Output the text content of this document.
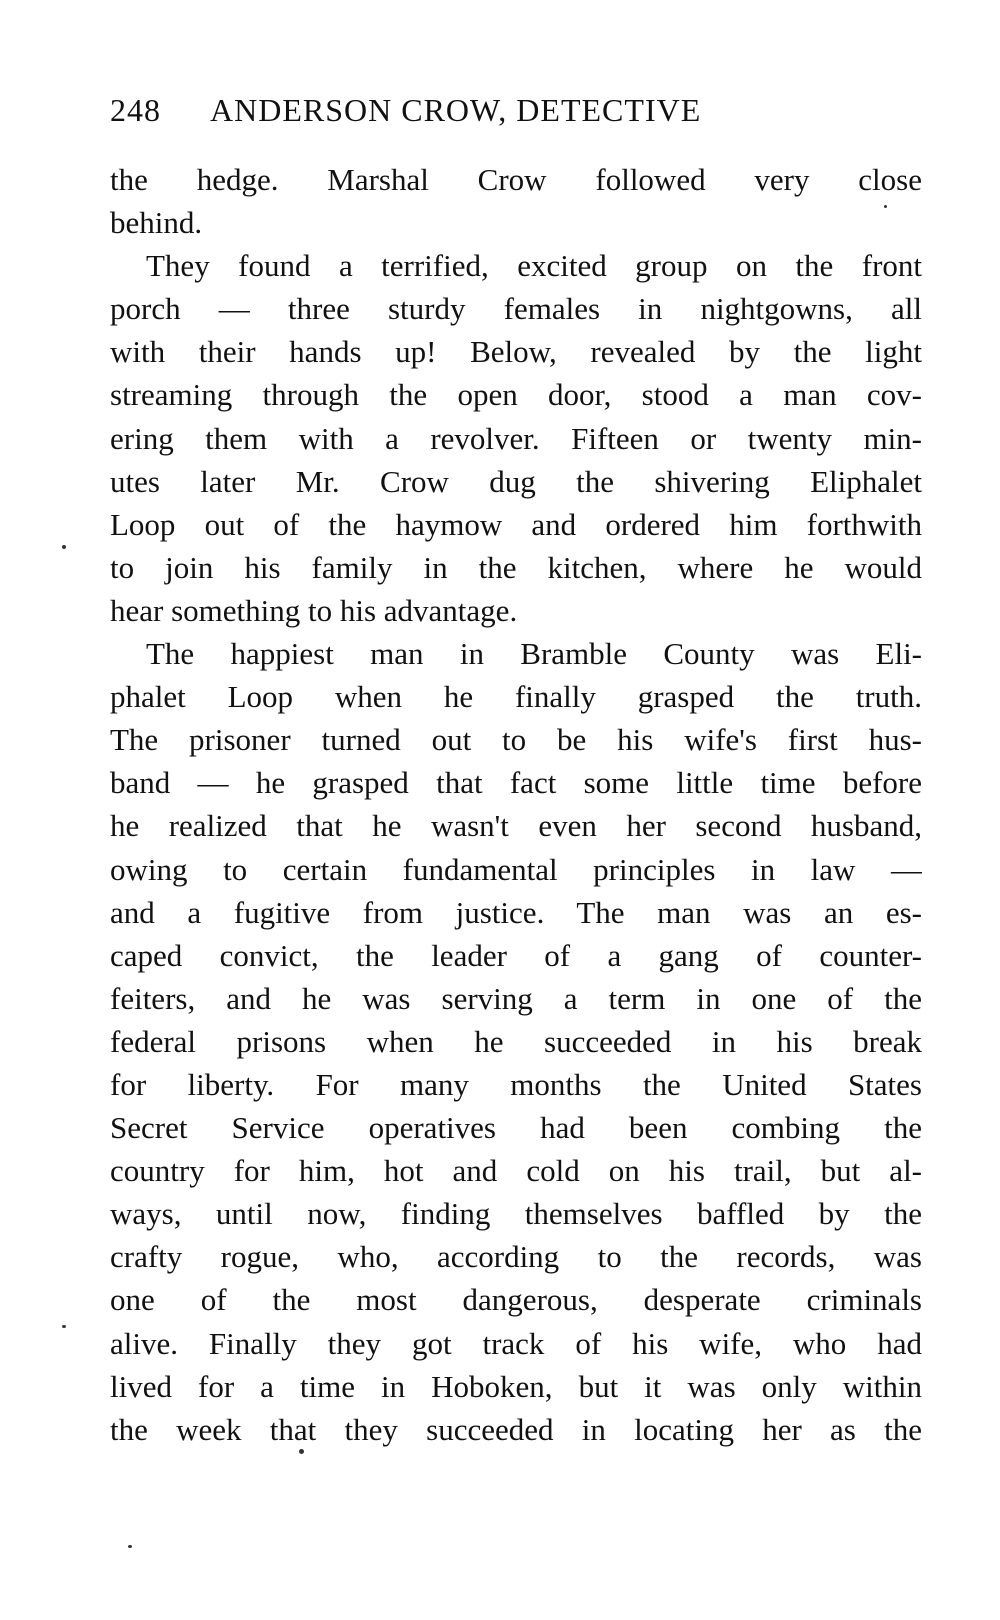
248 ANDERSON CROW, DETECTIVE
the hedge. Marshal Crow followed very close
behind.
They found a terrified, excited group on the front
porch — three sturdy females in nightgowns, all
with their hands up! Below, revealed by the light
streaming through the open door, stood a man cov-
ering them with a revolver. Fifteen or twenty min-
utes later Mr. Crow dug the shivering Eliphalet
Loop out of the haymow and ordered him forthwith
to join his family in the kitchen, where he would
hear something to his advantage.
The happiest man in Bramble County was Eli-
phalet Loop when he finally grasped the truth.
The prisoner turned out to be his wife's first hus-
band — he grasped that fact some little time before
he realized that he wasn't even her second husband,
owing to certain fundamental principles in law —
and a fugitive from justice. The man was an es-
caped convict, the leader of a gang of counter-
feiters, and he was serving a term in one of the
federal prisons when he succeeded in his break
for liberty. For many months the United States
Secret Service operatives had been combing the
country for him, hot and cold on his trail, but al-
ways, until now, finding themselves baffled by the
crafty rogue, who, according to the records, was
one of the most dangerous, desperate criminals
alive. Finally they got track of his wife, who had
lived for a time in Hoboken, but it was only within
the week that they succeeded in locating her as the
